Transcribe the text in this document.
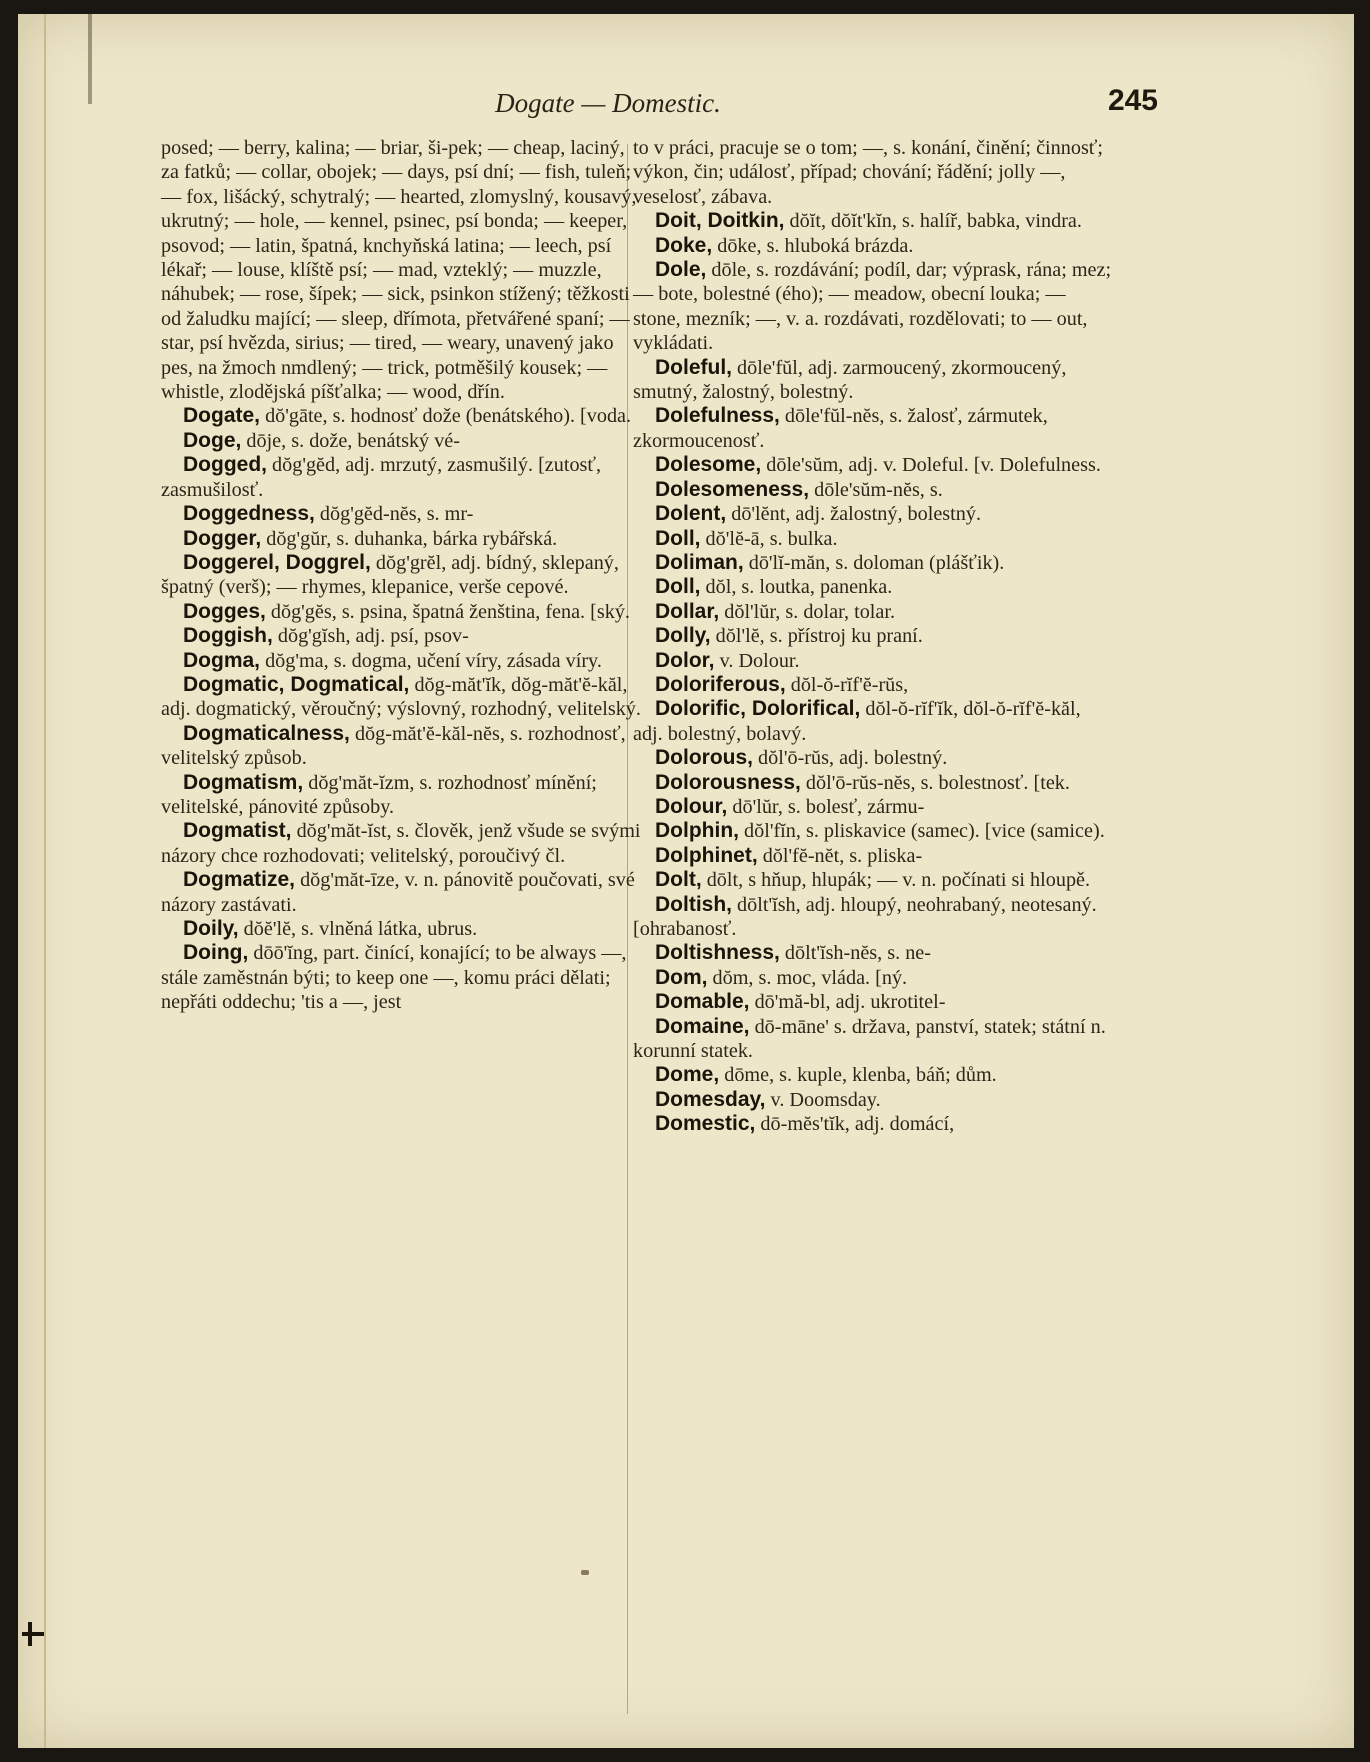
Dogate — Domestic.	245

posed; — berry, kalina; — briar, ši-pek; — cheap, laciný, za fatků; — collar, obojek; — days, psí dní; — fish, tuleň; — fox, lišácký, schytralý; — hearted, zlomyslný, kousavý, ukrutný; — hole, — kennel, psinec, psí bonda; — keeper, psovod; — latin, špatná, knchyňská latina; — leech, psí lékař; — louse, klíště psí; — mad, vzteklý; — muzzle, náhubek; — rose, šípek; — sick, psinkon stížený; těžkosti od žaludku mající; — sleep, dřímota, přetvářené spaní; — star, psí hvězda, sirius; — tired, — weary, unavený jako pes, na žmoch nmdlený; — trick, potměšilý kousek; — whistle, zlodějská píšťalka; — wood, dřín.

Dogate, dŏ'gāte, s. hodnosť dože (benátského). [voda.

Doge, dōje, s. dože, benátský vé-

Dogged, dŏg'gĕd, adj. mrzutý, zasmušilý. [zutosť, zasmušilosť.

Doggedness, dŏg'gĕd-nĕs, s. mr-

Dogger, dŏg'gŭr, s. duhanka, bárka rybářská.

Doggerel, Doggrel, dŏg'grĕl, adj. bídný, sklepaný, špatný (verš); — rhymes, klepanice, verše cepové.

Dogges, dŏg'gĕs, s. psina, špatná ženština, fena. [ský.

Doggish, dŏg'gĭsh, adj. psí, psov-

Dogma, dŏg'ma, s. dogma, učení víry, zásada víry.

Dogmatic, Dogmatical, dŏg-măt'ĭk, dŏg-măt'ĕ-kăl, adj. dogmatický, věroučný; výslovný, rozhodný, velitelský.

Dogmaticalness, dŏg-măt'ĕ-kăl-nĕs, s. rozhodnosť, velitelský způsob.

Dogmatism, dŏg'măt-ĭzm, s. rozhodnosť mínění; velitelské, pánovité způsoby.

Dogmatist, dŏg'măt-ĭst, s. člověk, jenž všude se svými názory chce rozhodovati; velitelský, poroučivý čl.

Dogmatize, dŏg'măt-īze, v. n. pánovitě poučovati, své názory zastávati.

Doily, dŏĕ'lĕ, s. vlněná látka, ubrus.

Doing, dōō'ĭng, part. činící, konající; to be always —, stále zaměstnán býti; to keep one —, komu práci dělati; nepřáti oddechu; 'tis a —, jest

to v práci, pracuje se o tom; —, s. konání, činění; činnosť; výkon, čin; událosť, případ; chování; řádění; jolly —, veselosť, zábava.

Doit, Doitkin, dŏĭt, dŏĭt'kĭn, s. halíř, babka, vindra.

Doke, dōke, s. hluboká brázda.

Dole, dōle, s. rozdávání; podíl, dar; výprask, rána; mez; — bote, bolestné (ého); — meadow, obecní louka; — stone, mezník; —, v. a. rozdávati, rozdělovati; to — out, vykládati.

Doleful, dōle'fŭl, adj. zarmoucený, zkormoucený, smutný, žalostný, bolestný.

Dolefulness, dōle'fŭl-nĕs, s. žalosť, zármutek, zkormoucenosť.

Dolesome, dōle'sŭm, adj. v. Doleful. [v. Dolefulness.

Dolesomeness, dōle'sŭm-nĕs, s.

Dolent, dō'lĕnt, adj. žalostný, bolestný.

Doll, dŏ'lĕ-ā, s. bulka.

Doliman, dō'lĭ-măn, s. doloman (plášťik).

Doll, dŏl, s. loutka, panenka.

Dollar, dŏl'lŭr, s. dolar, tolar.

Dolly, dŏl'lĕ, s. přístroj ku praní.

Dolor, v. Dolour.

Doloriferous, dŏl-ŏ-rĭf'ĕ-rŭs,

Dolorific, Dolorifical, dŏl-ŏ-rĭf'ĭk, dŏl-ŏ-rĭf'ĕ-kăl, adj. bolestný, bolavý.

Dolorous, dŏl'ō-rŭs, adj. bolestný.

Dolorousness, dŏl'ō-rŭs-nĕs, s. bolestnosť. [tek.

Dolour, dō'lŭr, s. bolesť, zármu-

Dolphin, dŏl'fĭn, s. pliskavice (samec). [vice (samice).

Dolphinet, dŏl'fĕ-nĕt, s. pliska-

Dolt, dōlt, s hňup, hlupák; — v. n. počínati si hloupě.

Doltish, dōlt'ĭsh, adj. hloupý, neohrabaný, neotesaný. [ohrabanosť.

Doltishness, dōlt'ĭsh-nĕs, s. ne-

Dom, dŏm, s. moc, vláda. [ný.

Domable, dō'mă-bl, adj. ukrotitel-

Domaine, dō-māne' s. država, panství, statek; státní n. korunní statek.

Dome, dōme, s. kuple, klenba, báň; dům.

Domesday, v. Doomsday.

Domestic, dō-mĕs'tĭk, adj. domácí,
